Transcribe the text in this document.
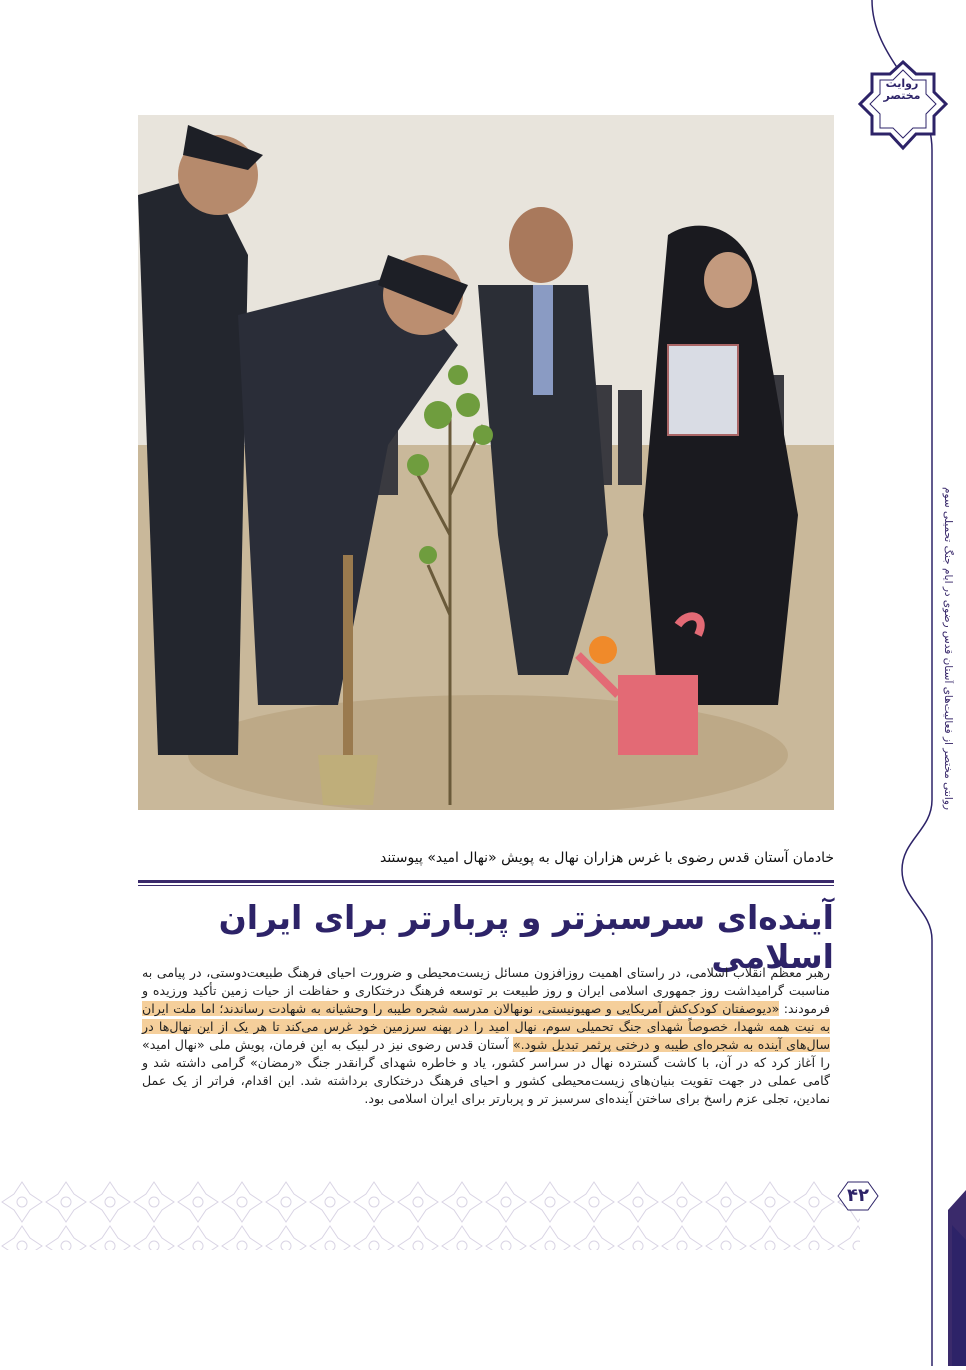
روایت مختصر
روانتی مختصر از فعالیت‌های آستان قدس رضوی در ایام جنگ تحمیلی سوم
خادمان آستان قدس رضوی با غرس هزاران نهال به پویش «نهال امید» پیوستند
آینده‌ای سرسبزتر و پربارتر برای ایران اسلامی
رهبر معظم انقلاب اسلامی، در راستای اهمیت روزافزون مسائل زیست‌محیطی و ضرورت احیای فرهنگ طبیعت‌دوستی، در پیامی به مناسبت گرامیداشت روز جمهوری اسلامی ایران و روز طبیعت بر توسعه فرهنگ درختکاری و حفاظت از حیات زمین تأکید ورزیده و فرمودند: «دیوصفتان کودک‌کش آمریکایی و صهیونیستی، نونهالان مدرسه شجره طیبه را وحشیانه به شهادت رساندند؛ اما ملت ایران به نیت همه شهدا، خصوصاً شهدای جنگ تحمیلی سوم، نهال امید را در پهنه سرزمین خود غرس می‌کند تا هر یک از این نهال‌ها در سال‌های آینده به شجره‌ای طیبه و درختی پرثمر تبدیل شود.» آستان قدس رضوی نیز در لبیک به این فرمان، پویش ملی «نهال امید» را آغاز کرد که در آن، با کاشت گسترده نهال در سراسر کشور، یاد و خاطره شهدای گرانقدر جنگ «رمضان» گرامی داشته شد و گامی عملی در جهت تقویت بنیان‌های زیست‌محیطی کشور و احیای فرهنگ درختکاری برداشته شد. این اقدام، فراتر از یک عمل نمادین، تجلی عزم راسخ برای ساختن آینده‌ای سرسبز تر و پربارتر برای ایران اسلامی بود.
۴۲
